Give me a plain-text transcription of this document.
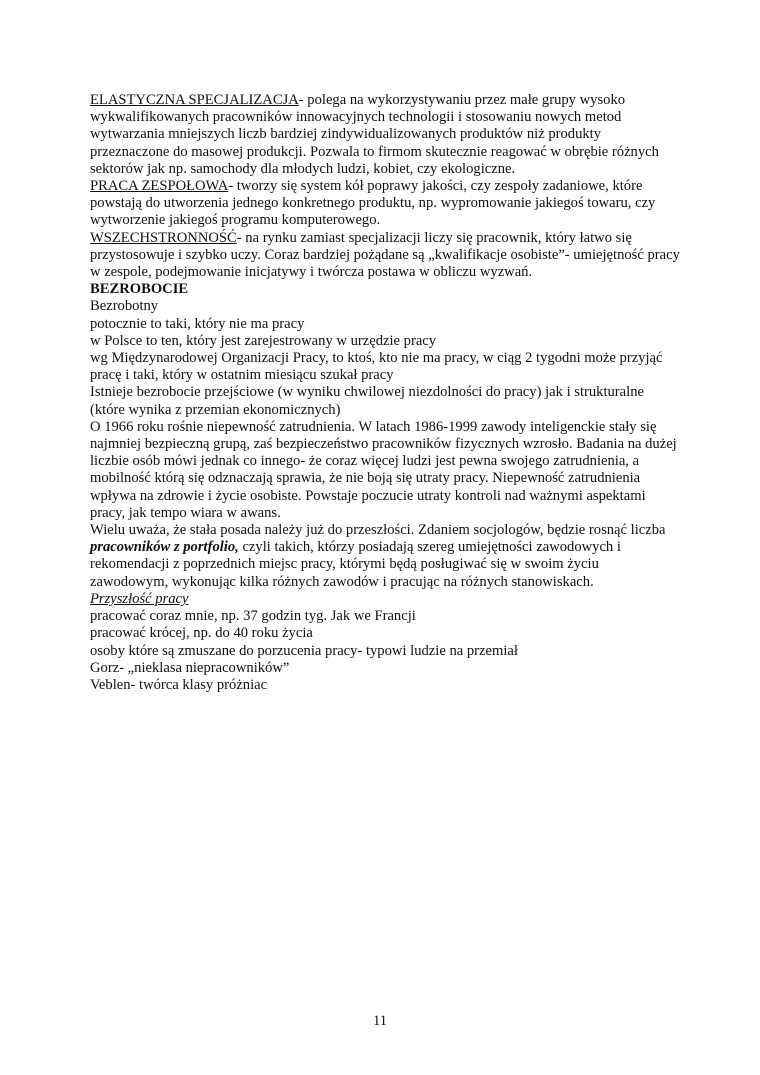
ELASTYCZNA SPECJALIZACJA- polega na wykorzystywaniu przez małe grupy wysoko wykwalifikowanych pracowników innowacyjnych technologii i stosowaniu nowych metod wytwarzania mniejszych liczb bardziej zindywidualizowanych produktów niż produkty przeznaczone do masowej produkcji. Pozwala to firmom skutecznie reagować w obrębie różnych sektorów jak np. samochody dla młodych ludzi, kobiet, czy ekologiczne.

PRACA ZESPOŁOWA- tworzy się system kół poprawy jakości, czy zespoły zadaniowe, które powstają do utworzenia jednego konkretnego produktu, np. wypromowanie jakiegoś towaru, czy wytworzenie jakiegoś programu komputerowego.

WSZECHSTRONNOŚĆ- na rynku zamiast specjalizacji liczy się pracownik, który łatwo się przystosowuje i szybko uczy. Coraz bardziej pożądane są „kwalifikacje osobiste”- umiejętność pracy w zespole, podejmowanie inicjatywy i twórcza postawa w obliczu wyzwań.

BEZROBOCIE

Bezrobotny

potocznie to taki, który nie ma pracy

w Polsce to ten, który jest zarejestrowany w urzędzie pracy

wg Międzynarodowej Organizacji Pracy, to ktoś, kto nie ma pracy, w ciąg 2 tygodni może przyjąć pracę i taki, który w ostatnim miesiącu szukał pracy

Istnieje bezrobocie przejściowe (w wyniku chwilowej niezdolności do pracy) jak i strukturalne (które wynika z przemian ekonomicznych)

O 1966 roku rośnie niepewność zatrudnienia. W latach 1986-1999 zawody inteligenckie stały się najmniej bezpieczną grupą, zaś bezpieczeństwo pracowników fizycznych wzrosło. Badania na dużej liczbie osób mówi jednak co innego- że coraz więcej ludzi jest pewna swojego zatrudnienia, a mobilność którą się odznaczają sprawia, że nie boją się utraty pracy. Niepewność zatrudnienia wpływa na zdrowie i życie osobiste. Powstaje poczucie utraty kontroli nad ważnymi aspektami pracy, jak tempo wiara w awans.

Wielu uważa, że stała posada należy już do przeszłości. Zdaniem socjologów, będzie rosnąć liczba pracowników z portfolio, czyli takich, którzy posiadają szereg umiejętności zawodowych i rekomendacji z poprzednich miejsc pracy, którymi będą posługiwać się w swoim życiu zawodowym, wykonując kilka różnych zawodów i pracując na różnych stanowiskach.

Przyszłość pracy

pracować coraz mnie, np. 37 godzin tyg. Jak we Francji

pracować krócej, np. do 40 roku życia

osoby które są zmuszane do porzucenia pracy- typowi ludzie na przemiał

Gorz- „nieklasa niepracowników”

Veblen- twórca klasy próżniac

11
